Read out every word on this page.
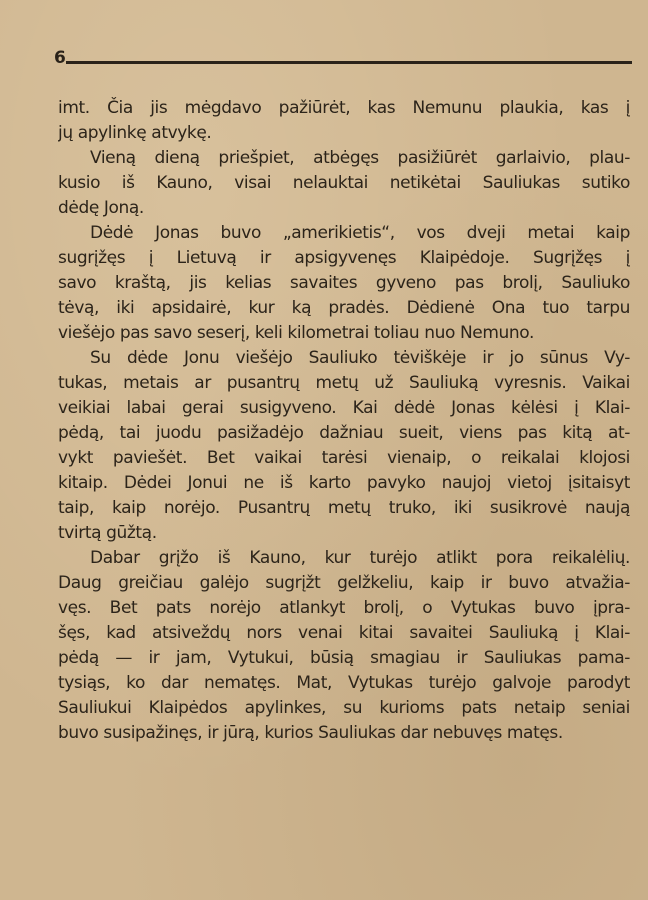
6
imt. Čia jis mėgdavo pažiūrėt, kas Nemunu plaukia, kas į
jų apylinkę atvykę.
Vieną dieną priešpiet, atbėgęs pasižiūrėt garlaivio, plau-
kusio iš Kauno, visai nelauktai netikėtai Sauliukas sutiko
dėdę Joną.
Dėdė Jonas buvo „amerikietis“, vos dveji metai kaip
sugrįžęs į Lietuvą ir apsigyvenęs Klaipėdoje. Sugrįžęs į
savo kraštą, jis kelias savaites gyveno pas brolį, Sauliuko
tėvą, iki apsidairė, kur ką pradės. Dėdienė Ona tuo tarpu
viešėjo pas savo seserį, keli kilometrai toliau nuo Nemuno.
Su dėde Jonu viešėjo Sauliuko tėviškėje ir jo sūnus Vy-
tukas, metais ar pusantrų metų už Sauliuką vyresnis. Vaikai
veikiai labai gerai susigyveno. Kai dėdė Jonas kėlėsi į Klai-
pėdą, tai juodu pasižadėjo dažniau sueit, viens pas kitą at-
vykt paviešėt. Bet vaikai tarėsi vienaip, o reikalai klojosi
kitaip. Dėdei Jonui ne iš karto pavyko naujoj vietoj įsitaisyt
taip, kaip norėjo. Pusantrų metų truko, iki susikrovė naują
tvirtą gūžtą.
Dabar grįžo iš Kauno, kur turėjo atlikt pora reikalėlių.
Daug greičiau galėjo sugrįžt gelžkeliu, kaip ir buvo atvažia-
vęs. Bet pats norėjo atlankyt brolį, o Vytukas buvo įpra-
šęs, kad atsiveždų nors venai kitai savaitei Sauliuką į Klai-
pėdą — ir jam, Vytukui, būsią smagiau ir Sauliukas pama-
tysiąs, ko dar nematęs. Mat, Vytukas turėjo galvoje parodyt
Sauliukui Klaipėdos apylinkes, su kurioms pats netaip seniai
buvo susipažinęs, ir jūrą, kurios Sauliukas dar nebuvęs matęs.
